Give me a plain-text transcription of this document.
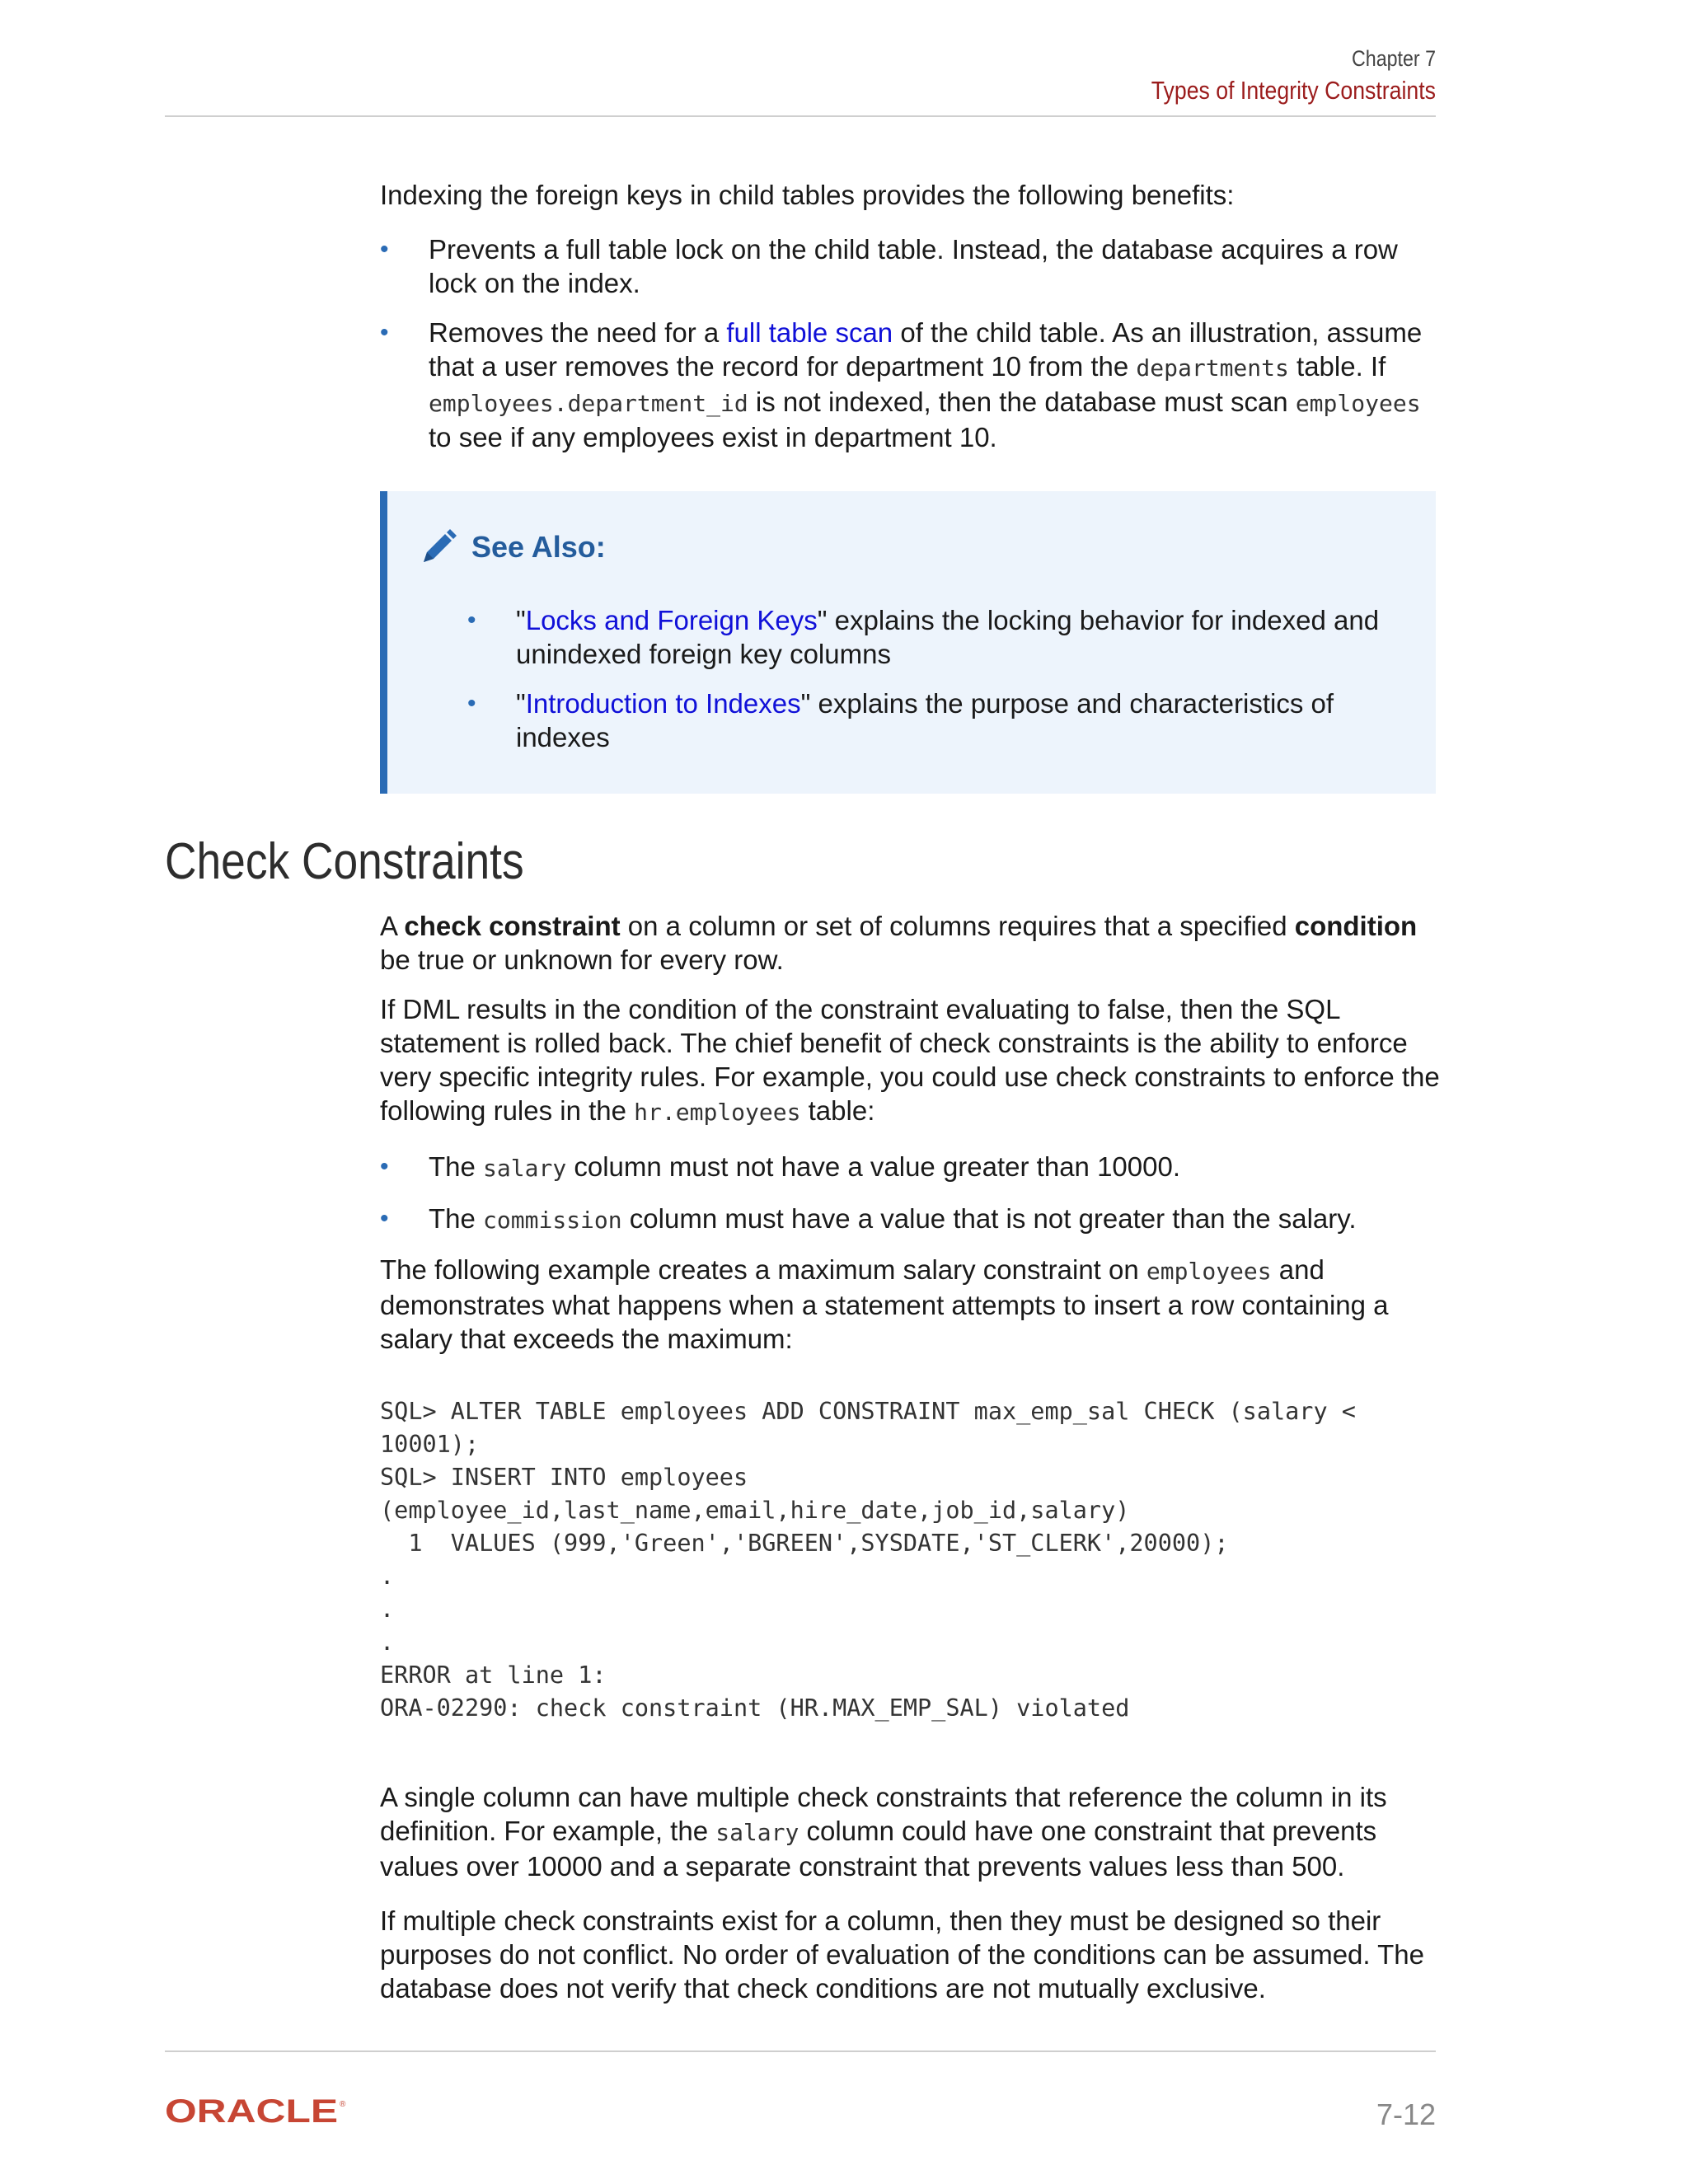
Chapter 7
Types of Integrity Constraints

Indexing the foreign keys in child tables provides the following benefits:

• Prevents a full table lock on the child table. Instead, the database acquires a row lock on the index.
• Removes the need for a full table scan of the child table. As an illustration, assume that a user removes the record for department 10 from the departments table. If employees.department_id is not indexed, then the database must scan employees to see if any employees exist in department 10.
See Also:
• "Locks and Foreign Keys" explains the locking behavior for indexed and unindexed foreign key columns
• "Introduction to Indexes" explains the purpose and characteristics of indexes
Check Constraints

A check constraint on a column or set of columns requires that a specified condition be true or unknown for every row.

If DML results in the condition of the constraint evaluating to false, then the SQL statement is rolled back. The chief benefit of check constraints is the ability to enforce very specific integrity rules. For example, you could use check constraints to enforce the following rules in the hr.employees table:

• The salary column must not have a value greater than 10000.
• The commission column must have a value that is not greater than the salary.

The following example creates a maximum salary constraint on employees and demonstrates what happens when a statement attempts to insert a row containing a salary that exceeds the maximum:

SQL> ALTER TABLE employees ADD CONSTRAINT max_emp_sal CHECK (salary <
10001);
SQL> INSERT INTO employees
(employee_id,last_name,email,hire_date,job_id,salary)
1  VALUES (999,'Green','BGREEN',SYSDATE,'ST_CLERK',20000);
.
.
.
ERROR at line 1:
ORA-02290: check constraint (HR.MAX_EMP_SAL) violated

A single column can have multiple check constraints that reference the column in its definition. For example, the salary column could have one constraint that prevents values over 10000 and a separate constraint that prevents values less than 500.

If multiple check constraints exist for a column, then they must be designed so their purposes do not conflict. No order of evaluation of the conditions can be assumed. The database does not verify that check conditions are not mutually exclusive.

ORACLE ®	7-12
